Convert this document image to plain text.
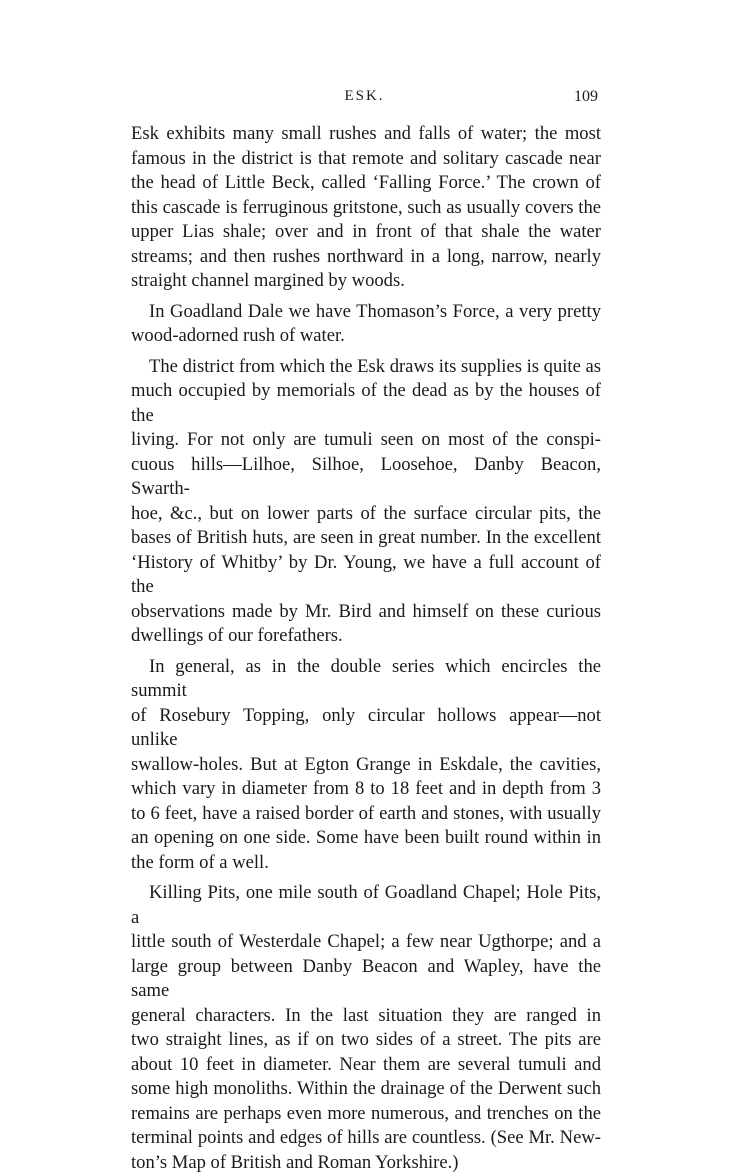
ESK.	109

Esk exhibits many small rushes and falls of water; the most
famous in the district is that remote and solitary cascade near
the head of Little Beck, called ‘Falling Force.’ The crown of
this cascade is ferruginous gritstone, such as usually covers the
upper Lias shale; over and in front of that shale the water
streams; and then rushes northward in a long, narrow, nearly
straight channel margined by woods.

In Goadland Dale we have Thomason’s Force, a very pretty
wood-adorned rush of water.

The district from which the Esk draws its supplies is quite as
much occupied by memorials of the dead as by the houses of the
living. For not only are tumuli seen on most of the conspi-
cuous hills—Lilhoe, Silhoe, Loosehoe, Danby Beacon, Swarth-
hoe, &c., but on lower parts of the surface circular pits, the
bases of British huts, are seen in great number. In the excellent
‘History of Whitby’ by Dr. Young, we have a full account of the
observations made by Mr. Bird and himself on these curious
dwellings of our forefathers.

In general, as in the double series which encircles the summit
of Rosebury Topping, only circular hollows appear—not unlike
swallow-holes. But at Egton Grange in Eskdale, the cavities,
which vary in diameter from 8 to 18 feet and in depth from 3
to 6 feet, have a raised border of earth and stones, with usually
an opening on one side. Some have been built round within in
the form of a well.

Killing Pits, one mile south of Goadland Chapel; Hole Pits, a
little south of Westerdale Chapel; a few near Ugthorpe; and a
large group between Danby Beacon and Wapley, have the same
general characters. In the last situation they are ranged in
two straight lines, as if on two sides of a street. The pits are
about 10 feet in diameter. Near them are several tumuli and
some high monoliths. Within the drainage of the Derwent such
remains are perhaps even more numerous, and trenches on the
terminal points and edges of hills are countless. (See Mr. New-
ton’s Map of British and Roman Yorkshire.)
